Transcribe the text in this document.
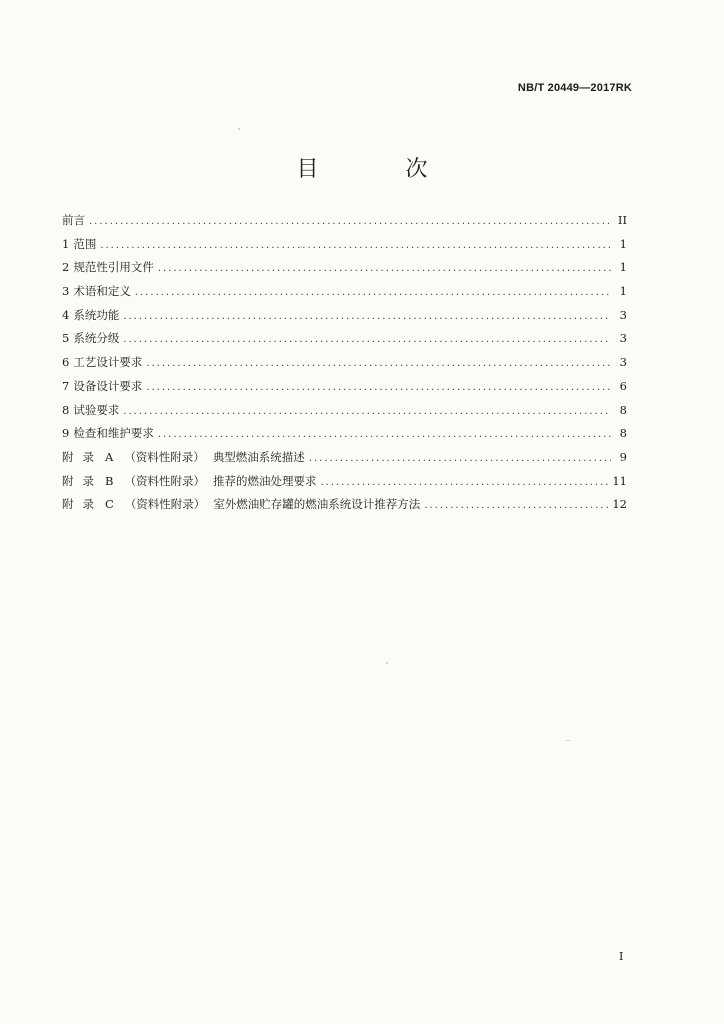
NB/T 20449—2017RK
目 次
前言 .....	II
1 范围 .....	1
2 规范性引用文件 .....	1
3 术语和定义 .....	1
4 系统功能 .....	3
5 系统分级 .....	3
6 工艺设计要求 .....	3
7 设备设计要求 .....	6
8 试验要求 .....	8
9 检查和维护要求 .....	8
附录 A （资料性附录） 典型燃油系统描述 .....	9
附录 B （资料性附录） 推荐的燃油处理要求 .....	11
附录 C （资料性附录） 室外燃油贮存罐的燃油系统设计推荐方法 .....	12
I
